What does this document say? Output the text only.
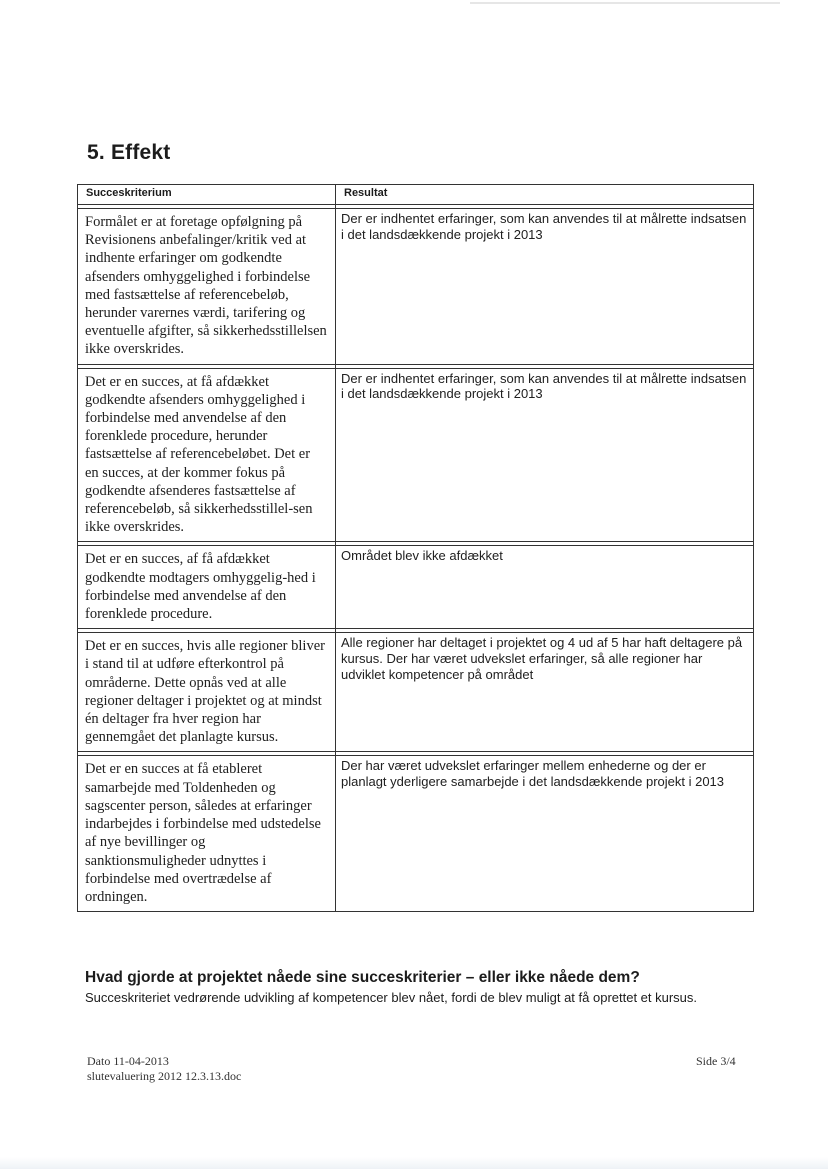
5. Effekt
Succeskriterium	Resultat

Formålet er at foretage opfølgning på Revisionens anbefalinger/kritik ved at indhente erfaringer om godkendte afsenders omhyggelighed i forbindelse med fastsættelse af referencebeløb, herunder varernes værdi, tarifering og eventuelle afgifter, så sikkerhedsstillelsen ikke overskrides.	Der er indhentet erfaringer, som kan anvendes til at målrette indsatsen i det landsdækkende projekt i 2013

Det er en succes, at få afdækket godkendte afsenders omhyggelighed i forbindelse med anvendelse af den forenklede procedure, herunder fastsættelse af referencebeløbet. Det er en succes, at der kommer fokus på godkendte afsenderes fastsættelse af referencebeløb, så sikkerhedsstillel-sen ikke overskrides.	Der er indhentet erfaringer, som kan anvendes til at målrette indsatsen i det landsdækkende projekt i 2013

Det er en succes, af få afdækket godkendte modtagers omhyggelig-hed i forbindelse med anvendelse af den forenklede procedure.	Området blev ikke afdækket

Det er en succes, hvis alle regioner bliver i stand til at udføre efterkontrol på områderne. Dette opnås ved at alle regioner deltager i projektet og at mindst én deltager fra hver region har gennemgået det planlagte kursus.	Alle regioner har deltaget i projektet og 4 ud af 5 har haft deltagere på kursus. Der har været udvekslet erfaringer, så alle regioner har udviklet kompetencer på området

Det er en succes at få etableret samarbejde med Toldenheden og sagscenter person, således at erfaringer indarbejdes i forbindelse med udstedelse af nye bevillinger og sanktionsmuligheder udnyttes i forbindelse med overtrædelse af ordningen.	Der har været udvekslet erfaringer mellem enhederne og der er planlagt yderligere samarbejde i det landsdækkende projekt i 2013
Hvad gjorde at projektet nåede sine succeskriterier – eller ikke nåede dem?

Succeskriteriet vedrørende udvikling af kompetencer blev nået, fordi de blev muligt at få oprettet et kursus.

Dato 11-04-2013
slutevaluering 2012 12.3.13.doc
Side 3/4
